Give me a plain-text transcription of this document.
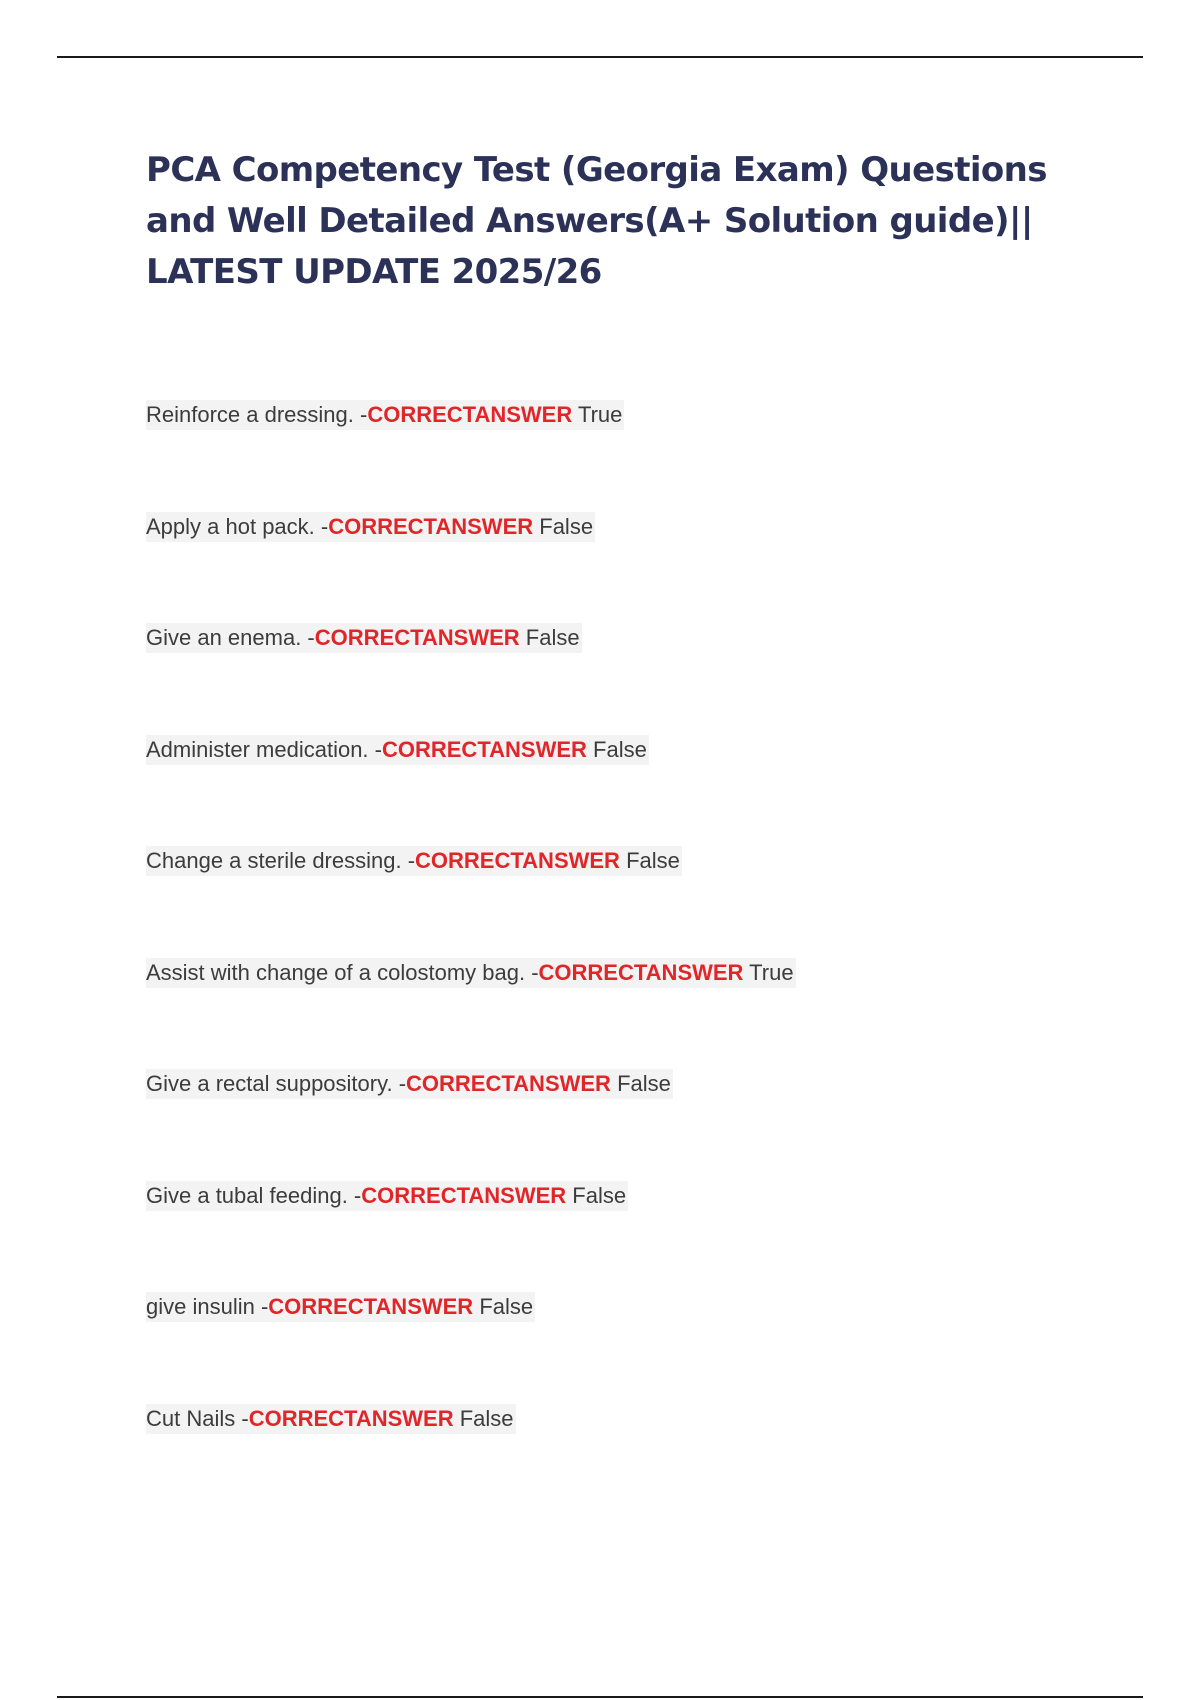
PCA Competency Test (Georgia Exam) Questions and Well Detailed Answers(A+ Solution guide)|| LATEST UPDATE 2025/26
Reinforce a dressing. -CORRECTANSWER True
Apply a hot pack. -CORRECTANSWER False
Give an enema. -CORRECTANSWER False
Administer medication. -CORRECTANSWER False
Change a sterile dressing. -CORRECTANSWER False
Assist with change of a colostomy bag. -CORRECTANSWER True
Give a rectal suppository. -CORRECTANSWER False
Give a tubal feeding. -CORRECTANSWER False
give insulin -CORRECTANSWER False
Cut Nails -CORRECTANSWER False
